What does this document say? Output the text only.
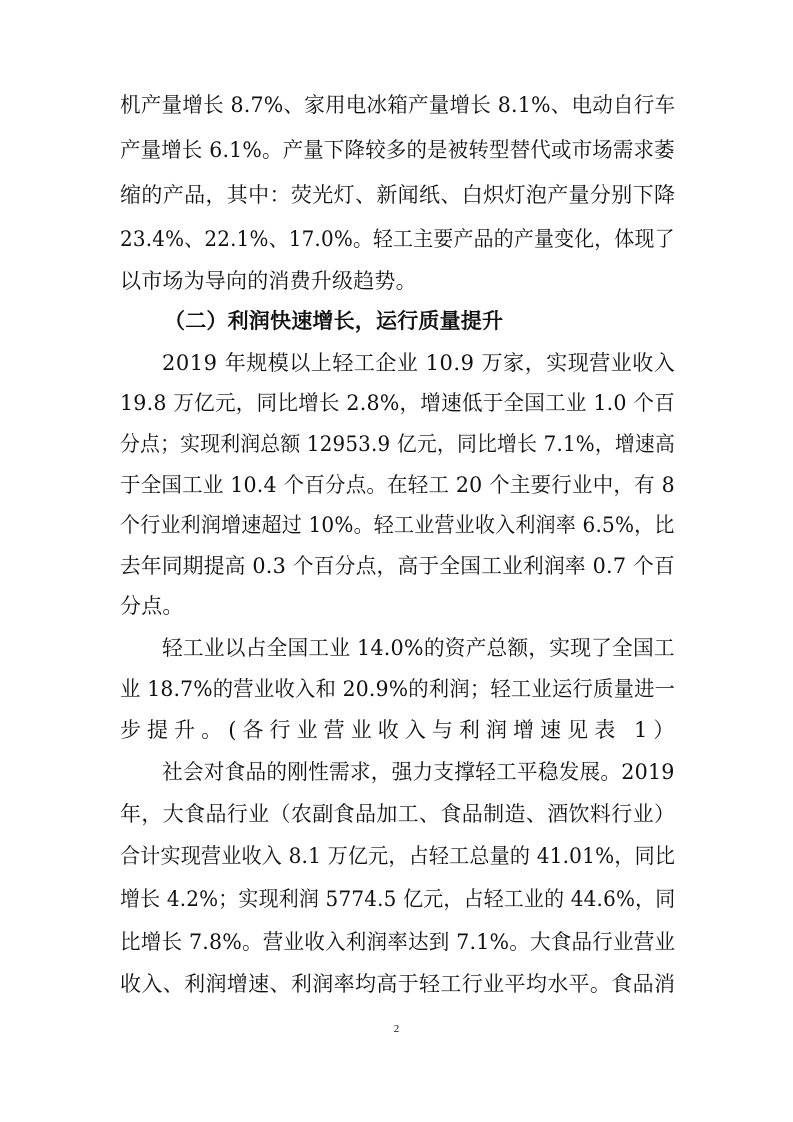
机产量增长 8.7%、家用电冰箱产量增长 8.1%、电动自行车
产量增长 6.1%。产量下降较多的是被转型替代或市场需求萎
缩的产品，其中：荧光灯、新闻纸、白炽灯泡产量分别下降
23.4%、22.1%、17.0%。轻工主要产品的产量变化，体现了
以市场为导向的消费升级趋势。
（二）利润快速增长，运行质量提升
2019 年规模以上轻工企业 10.9 万家，实现营业收入
19.8 万亿元，同比增长 2.8%，增速低于全国工业 1.0 个百
分点；实现利润总额 12953.9 亿元，同比增长 7.1%，增速高
于全国工业 10.4 个百分点。在轻工 20 个主要行业中，有 8
个行业利润增速超过 10%。轻工业营业收入利润率 6.5%，比
去年同期提高 0.3 个百分点，高于全国工业利润率 0.7 个百
分点。
轻工业以占全国工业 14.0%的资产总额，实现了全国工
业 18.7%的营业收入和 20.9%的利润；轻工业运行质量进一
步提升。(各行业营业收入与利润增速见表 1）
社会对食品的刚性需求，强力支撑轻工平稳发展。2019
年，大食品行业（农副食品加工、食品制造、酒饮料行业）
合计实现营业收入 8.1 万亿元，占轻工总量的 41.01%，同比
增长 4.2%；实现利润 5774.5 亿元，占轻工业的 44.6%，同
比增长 7.8%。营业收入利润率达到 7.1%。大食品行业营业
收入、利润增速、利润率均高于轻工行业平均水平。食品消
2
